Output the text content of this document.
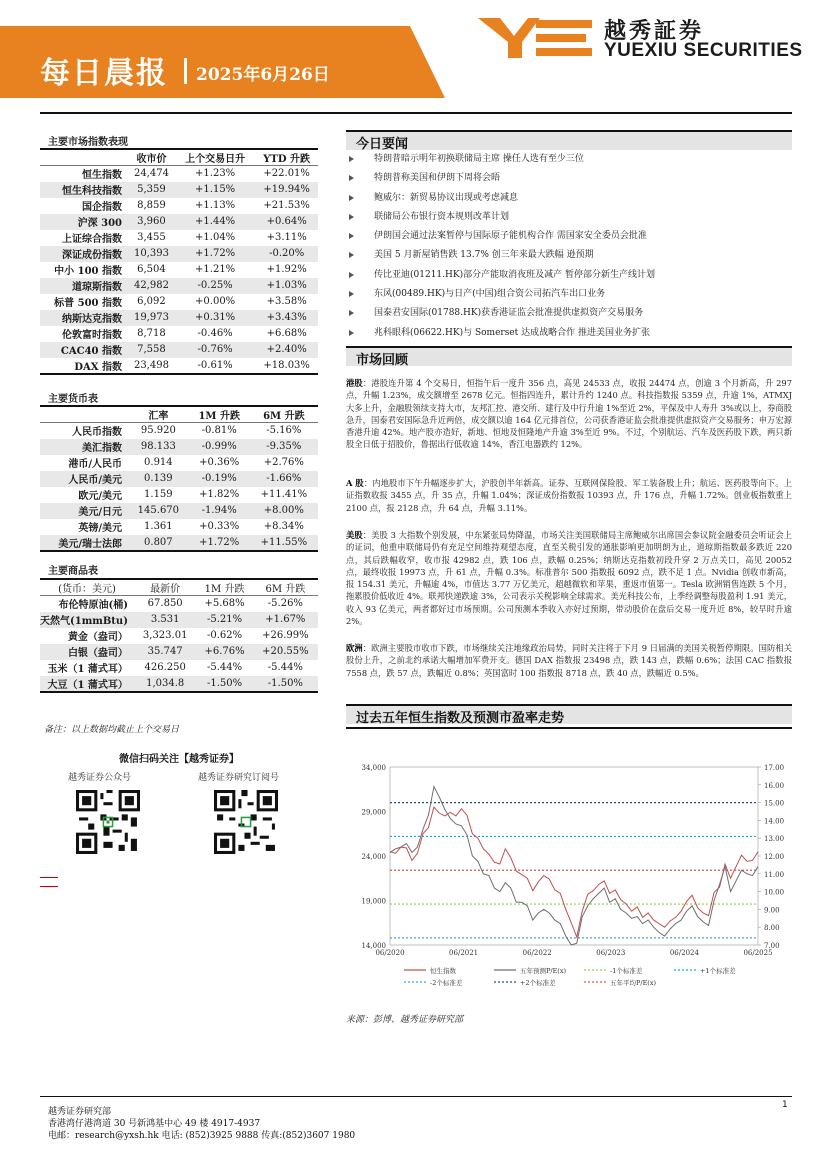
每日晨报 2025年6月26日
越秀証券
YUEXIU SECURITIES
主要市场指数表现
	收市价	上个交易日升	YTD 升跌
恒生指数	24,474	+1.23%	+22.01%
恒生科技指数	5,359	+1.15%	+19.94%
国企指数	8,859	+1.13%	+21.53%
沪深 300	3,960	+1.44%	+0.64%
上证综合指数	3,455	+1.04%	+3.11%
深证成份指数	10,393	+1.72%	-0.20%
中小 100 指数	6,504	+1.21%	+1.92%
道琼斯指数	42,982	-0.25%	+1.03%
标普 500 指数	6,092	+0.00%	+3.58%
纳斯达克指数	19,973	+0.31%	+3.43%
伦敦富时指数	8,718	-0.46%	+6.68%
CAC40 指数	7,558	-0.76%	+2.40%
DAX 指数	23,498	-0.61%	+18.03%
主要货币表
	汇率	1M 升跌	6M 升跌
人民币指数	95.920	-0.81%	-5.16%
美汇指数	98.133	-0.99%	-9.35%
港币/人民币	0.914	+0.36%	+2.76%
人民币/美元	0.139	-0.19%	-1.66%
欧元/美元	1.159	+1.82%	+11.41%
美元/日元	145.670	-1.94%	+8.00%
英镑/美元	1.361	+0.33%	+8.34%
美元/瑞士法郎	0.807	+1.72%	+11.55%
主要商品表
(货币：美元)	最新价	1M 升跌	6M 升跌
布伦特原油(桶)	67.850	+5.68%	-5.26%
天然气(1mmBtu)	3.531	-5.21%	+1.67%
黄金（盎司）	3,323.01	-0.62%	+26.99%
白银（盎司）	35.747	+6.76%	+20.55%
玉米（1 蒲式耳）	426.250	-5.44%	-5.44%
大豆（1 蒲式耳）	1,034.8	-1.50%	-1.50%
备注：以上数据均截止上个交易日
微信扫码关注【越秀证券】
越秀证券公众号	越秀证券研究订阅号
今日要闻
特朗普暗示明年初换联储局主席 操任人选有至少三位
特朗普称美国和伊朗下周将会晤
鲍威尔：新贸易协议出现或考虑减息
联储局公布银行资本规则改革计划
伊朗国会通过法案暂停与国际原子能机构合作 需国家安全委员会批准
美国 5 月新屋销售跌 13.7% 创三年来最大跌幅 逊预期
传比亚迪(01211.HK)部分产能取消夜班及减产 暂停部分新生产线计划
东风(00489.HK)与日产(中国)组合资公司拓汽车出口业务
国泰君安国际(01788.HK)获香港证监会批准提供虚拟资产交易服务
兆科眼科(06622.HK)与 Somerset 达成战略合作 推进美国业务扩张
市场回顾
港股：港股连升第 4 个交易日，恒指午后一度升 356 点，高见 24533 点，收报 24474 点，创逾 3 个月新高，升 297 点，升幅 1.23%，成交额增至 2678 亿元。恒指四连升，累计升约 1240 点。科技指数报 5359 点，升逾 1%，ATMXJ 大多上升，金融股领续支持大市，友邦汇控、港交所、建行及中行升逾 1%至近 2%，平保及中人寿升 3%或以上，券商股急升，国泰君安国际急升近两倍，成交额以逾 164 亿元排首位，公司获香港证监会批准提供虚拟资产交易服务；申万宏源香港升逾 42%。地产股亦造好，新地、恒地及恒隆地产升逾 3%至近 9%。不过，个别航运、汽车及医药股下跌，两只新股全日低于招股价，鲁据出行低收逾 14%，香江电器跌约 12%。
A 股：内地股市下午升幅逐步扩大，沪股创半年新高。证券、互联网保险股、军工装备股上升；航运、医药股等向下。上证指数收报 3455 点，升 35 点，升幅 1.04%；深证成份指数报 10393 点，升 176 点，升幅 1.72%。创业板指数重上 2100 点，报 2128 点，升 64 点，升幅 3.11%。
美股：美股 3 大指数个别发展，中东紧张局势降温，市场关注美国联储局主席鲍威尔出席国会参议院金融委员会听证会上的证词，他重申联储局仍有充足空间维持观望态度，直至关税引发的通胀影响更加明朗为止，道琼斯指数最多跌近 220 点，其后跌幅收窄，收市报 42982 点，跌 106 点，跌幅 0.25%；纳斯达克指数初段升穿 2 万点关口，高见 20052 点，最终收报 19973 点，升 61 点，升幅 0.3%。标准普尔 500 指数报 6092 点，跌不足 1 点。Nvidia 创收市新高，报 154.31 美元，升幅逾 4%，市值达 3.77 万亿美元，超越微软和苹果，重返市值第一。Tesla 欧洲销售连跌 5 个月，拖累股价低收近 4%。联邦快递跌逾 3%，公司表示关税影响全球需求。美光科技公布，上季经调整每股盈利 1.91 美元，收入 93 亿美元，两者都好过市场预期。公司预测本季收入亦好过预期，带动股价在盘后交易一度升近 8%，较早时升逾 2%。
欧洲：欧洲主要股市收市下跌，市场继续关注地缘政治局势，同时关注将于下月 9 日届满的美国关税暂停期限。国防相关股份上升，之前北约承诺大幅增加军费开支。德国 DAX 指数报 23498 点，跌 143 点，跌幅 0.6%；法国 CAC 指数报 7558 点，跌 57 点，跌幅近 0.8%；英国富时 100 指数报 8718 点，跌 40 点，跌幅近 0.5%。
过去五年恒生指数及预测市盈率走势
14,000
19,000
24,000
29,000
34,000
7.00
8.00
9.00
10.00
11.00
12.00
13.00
14.00
15.00
16.00
17.00
06/2020	06/2021	06/2022	06/2023	06/2024	06/2025
恒生指数	五年预测P/E(x)	-1个标准差	+1个标准差
-2个标准差	+2个标准差	五年平均P/E(x)
来源：彭博、越秀证券研究部
越秀证券研究部
香港湾仔港湾道 30 号新鸿基中心 49 楼 4917-4937
电邮：research@yxsh.hk 电话: (852)3925 9888 传真:(852)3607 1980
1
